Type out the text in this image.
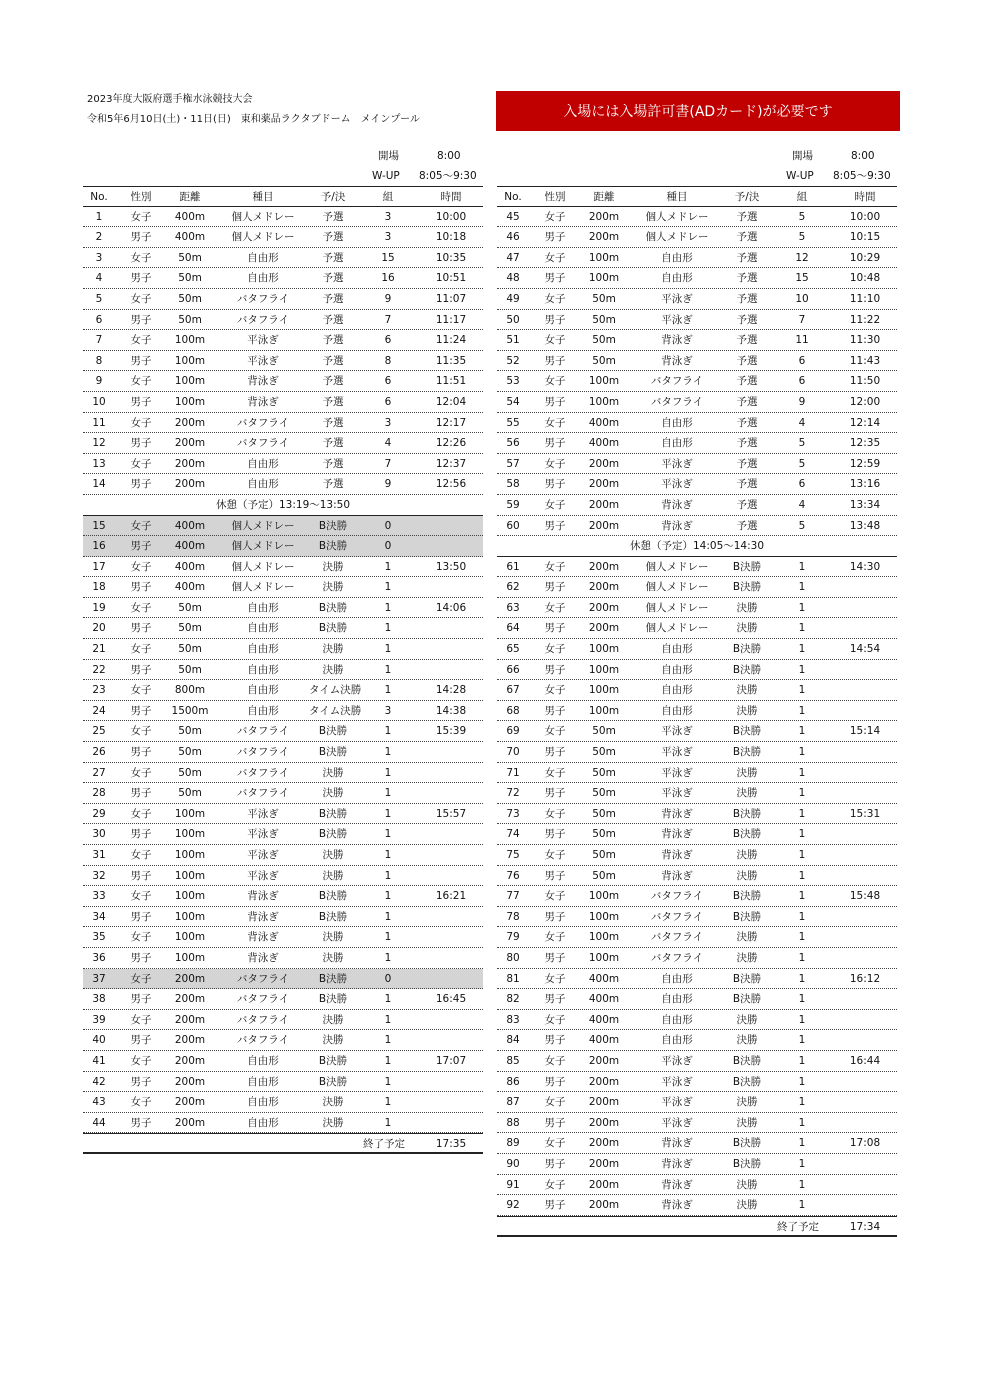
2023年度大阪府選手権水泳競技大会
令和5年6月10日(土)・11日(日)　東和薬品ラクタブドーム　メインプール	入場には入場許可書(ADカード)が必要です
開場	8:00
W-UP 8:05〜9:30
開場	8:00
W-UP 8:05〜9:30
No.	性別	距離	種目	予/決	組	時間
1	女子	400m	個人メドレー	予選	3	10:00
2	男子	400m	個人メドレー	予選	3	10:18
3	女子	50m	自由形	予選	15	10:35
4	男子	50m	自由形	予選	16	10:51
5	女子	50m	バタフライ	予選	9	11:07
6	男子	50m	バタフライ	予選	7	11:17
7	女子	100m	平泳ぎ	予選	6	11:24
8	男子	100m	平泳ぎ	予選	8	11:35
9	女子	100m	背泳ぎ	予選	6	11:51
10	男子	100m	背泳ぎ	予選	6	12:04
11	女子	200m	バタフライ	予選	3	12:17
12	男子	200m	バタフライ	予選	4	12:26
13	女子	200m	自由形	予選	7	12:37
14	男子	200m	自由形	予選	9	12:56
休憩（予定）13:19〜13:50
15	女子	400m	個人メドレー	B決勝	0
16	男子	400m	個人メドレー	B決勝	0
17	女子	400m	個人メドレー	決勝	1	13:50
18	男子	400m	個人メドレー	決勝	1
19	女子	50m	自由形	B決勝	1	14:06
20	男子	50m	自由形	B決勝	1
21	女子	50m	自由形	決勝	1
22	男子	50m	自由形	決勝	1
23	女子	800m	自由形	タイム決勝	1	14:28
24	男子	1500m	自由形	タイム決勝	3	14:38
25	女子	50m	バタフライ	B決勝	1	15:39
26	男子	50m	バタフライ	B決勝	1
27	女子	50m	バタフライ	決勝	1
28	男子	50m	バタフライ	決勝	1
29	女子	100m	平泳ぎ	B決勝	1	15:57
30	男子	100m	平泳ぎ	B決勝	1
31	女子	100m	平泳ぎ	決勝	1
32	男子	100m	平泳ぎ	決勝	1
33	女子	100m	背泳ぎ	B決勝	1	16:21
34	男子	100m	背泳ぎ	B決勝	1
35	女子	100m	背泳ぎ	決勝	1
36	男子	100m	背泳ぎ	決勝	1
37	女子	200m	バタフライ	B決勝	0
38	男子	200m	バタフライ	B決勝	1	16:45
39	女子	200m	バタフライ	決勝	1
40	男子	200m	バタフライ	決勝	1
41	女子	200m	自由形	B決勝	1	17:07
42	男子	200m	自由形	B決勝	1
43	女子	200m	自由形	決勝	1
44	男子	200m	自由形	決勝	1
終了予定	17:35
No.	性別	距離	種目	予/決	組	時間
45	女子	200m	個人メドレー	予選	5	10:00
46	男子	200m	個人メドレー	予選	5	10:15
47	女子	100m	自由形	予選	12	10:29
48	男子	100m	自由形	予選	15	10:48
49	女子	50m	平泳ぎ	予選	10	11:10
50	男子	50m	平泳ぎ	予選	7	11:22
51	女子	50m	背泳ぎ	予選	11	11:30
52	男子	50m	背泳ぎ	予選	6	11:43
53	女子	100m	バタフライ	予選	6	11:50
54	男子	100m	バタフライ	予選	9	12:00
55	女子	400m	自由形	予選	4	12:14
56	男子	400m	自由形	予選	5	12:35
57	女子	200m	平泳ぎ	予選	5	12:59
58	男子	200m	平泳ぎ	予選	6	13:16
59	女子	200m	背泳ぎ	予選	4	13:34
60	男子	200m	背泳ぎ	予選	5	13:48
休憩（予定）14:05〜14:30
61	女子	200m	個人メドレー	B決勝	1	14:30
62	男子	200m	個人メドレー	B決勝	1
63	女子	200m	個人メドレー	決勝	1
64	男子	200m	個人メドレー	決勝	1
65	女子	100m	自由形	B決勝	1	14:54
66	男子	100m	自由形	B決勝	1
67	女子	100m	自由形	決勝	1
68	男子	100m	自由形	決勝	1
69	女子	50m	平泳ぎ	B決勝	1	15:14
70	男子	50m	平泳ぎ	B決勝	1
71	女子	50m	平泳ぎ	決勝	1
72	男子	50m	平泳ぎ	決勝	1
73	女子	50m	背泳ぎ	B決勝	1	15:31
74	男子	50m	背泳ぎ	B決勝	1
75	女子	50m	背泳ぎ	決勝	1
76	男子	50m	背泳ぎ	決勝	1
77	女子	100m	バタフライ	B決勝	1	15:48
78	男子	100m	バタフライ	B決勝	1
79	女子	100m	バタフライ	決勝	1
80	男子	100m	バタフライ	決勝	1
81	女子	400m	自由形	B決勝	1	16:12
82	男子	400m	自由形	B決勝	1
83	女子	400m	自由形	決勝	1
84	男子	400m	自由形	決勝	1
85	女子	200m	平泳ぎ	B決勝	1	16:44
86	男子	200m	平泳ぎ	B決勝	1
87	女子	200m	平泳ぎ	決勝	1
88	男子	200m	平泳ぎ	決勝	1
89	女子	200m	背泳ぎ	B決勝	1	17:08
90	男子	200m	背泳ぎ	B決勝	1
91	女子	200m	背泳ぎ	決勝	1
92	男子	200m	背泳ぎ	決勝	1
終了予定	17:34
